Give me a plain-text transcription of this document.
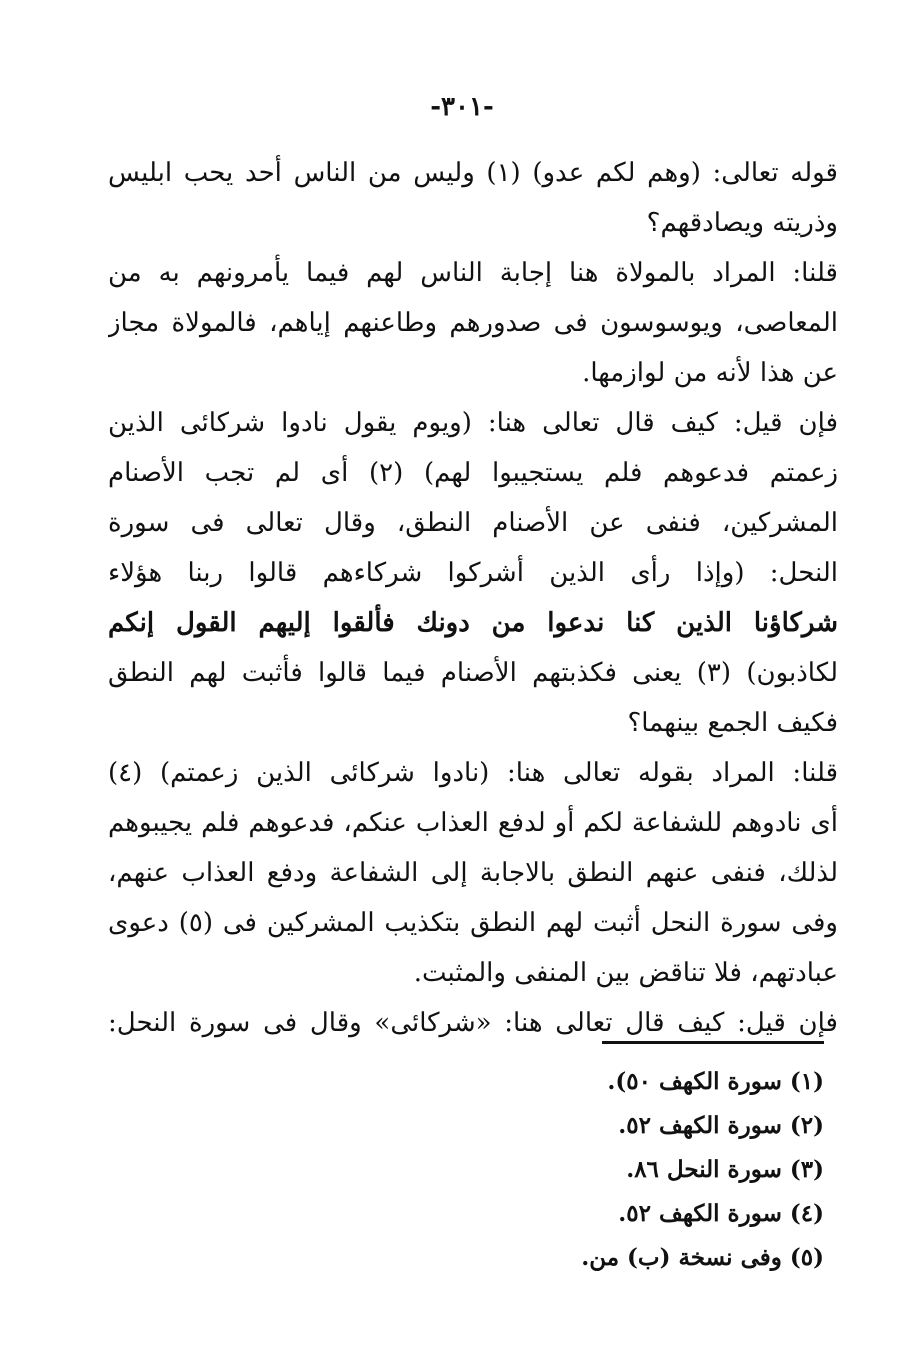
-٣٠١-
قوله تعالى: (وهم لكم عدو) (١) وليس من الناس أحد يحب ابليس
وذريته ويصادقهم؟
قلنا: المراد بالمولاة هنا إجابة الناس لهم فيما يأمرونهم به من
المعاصى، ويوسوسون فى صدورهم وطاعنهم إياهم، فالمولاة مجاز
عن هذا لأنه من لوازمها.
فإن قيل: كيف قال تعالى هنا: (ويوم يقول نادوا شركائى الذين
زعمتم فدعوهم فلم يستجيبوا لهم) (٢) أى لم تجب الأصنام
المشركين، فنفى عن الأصنام النطق، وقال تعالى فى سورة
النحل: (وإذا رأى الذين أشركوا شركاءهم قالوا ربنا هؤلاء
شركاؤنا الذين كنا ندعوا من دونك فألقوا إليهم القول إنكم
لكاذبون) (٣) يعنى فكذبتهم الأصنام فيما قالوا فأثبت لهم النطق
فكيف الجمع بينهما؟
قلنا: المراد بقوله تعالى هنا: (نادوا شركائى الذين زعمتم) (٤)
أى نادوهم للشفاعة لكم أو لدفع العذاب عنكم، فدعوهم فلم يجيبوهم
لذلك، فنفى عنهم النطق بالاجابة إلى الشفاعة ودفع العذاب عنهم،
وفى سورة النحل أثبت لهم النطق بتكذيب المشركين فى (٥) دعوى
عبادتهم، فلا تناقض بين المنفى والمثبت.
فإن قيل: كيف قال تعالى هنا: «شركائى» وقال فى سورة النحل:
(١) سورة الكهف ٥٠).
(٢) سورة الكهف ٥٢.
(٣) سورة النحل ٨٦.
(٤) سورة الكهف ٥٢.
(٥) وفى نسخة (ب) من.
